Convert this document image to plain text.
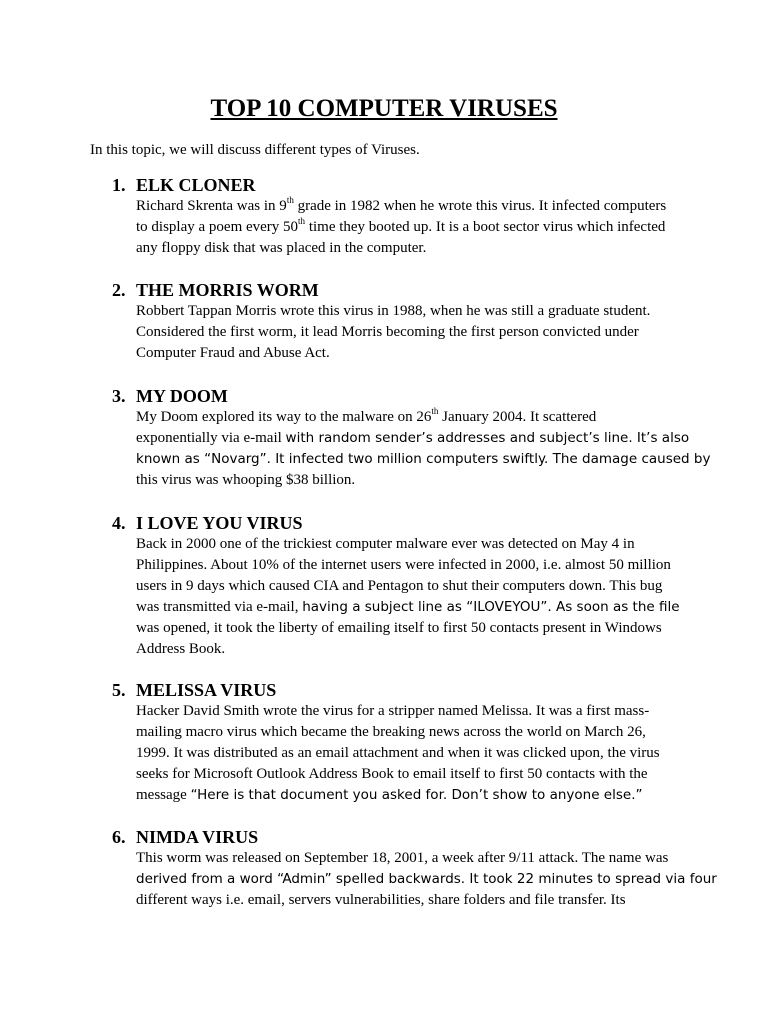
TOP 10 COMPUTER VIRUSES

In this topic, we will discuss different types of Viruses.

1. ELK CLONER
Richard Skrenta was in 9th grade in 1982 when he wrote this virus. It infected computers
to display a poem every 50th time they booted up. It is a boot sector virus which infected
any floppy disk that was placed in the computer.
2. THE MORRIS WORM
Robbert Tappan Morris wrote this virus in 1988, when he was still a graduate student.
Considered the first worm, it lead Morris becoming the first person convicted under
Computer Fraud and Abuse Act.
3. MY DOOM
My Doom explored its way to the malware on 26th January 2004. It scattered
exponentially via e-mail with random sender’s addresses and subject’s line. It’s also
known as “Novarg”. It infected two million computers swiftly. The damage caused by
this virus was whooping $38 billion.
4. I LOVE YOU VIRUS
Back in 2000 one of the trickiest computer malware ever was detected on May 4 in
Philippines. About 10% of the internet users were infected in 2000, i.e. almost 50 million
users in 9 days which caused CIA and Pentagon to shut their computers down. This bug
was transmitted via e-mail, having a subject line as “ILOVEYOU”. As soon as the file
was opened, it took the liberty of emailing itself to first 50 contacts present in Windows
Address Book.
5. MELISSA VIRUS
Hacker David Smith wrote the virus for a stripper named Melissa. It was a first mass-
mailing macro virus which became the breaking news across the world on March 26,
1999. It was distributed as an email attachment and when it was clicked upon, the virus
seeks for Microsoft Outlook Address Book to email itself to first 50 contacts with the
message “Here is that document you asked for. Don’t show to anyone else.”
6. NIMDA VIRUS
This worm was released on September 18, 2001, a week after 9/11 attack. The name was
derived from a word “Admin” spelled backwards. It took 22 minutes to spread via four
different ways i.e. email, servers vulnerabilities, share folders and file transfer. Its
